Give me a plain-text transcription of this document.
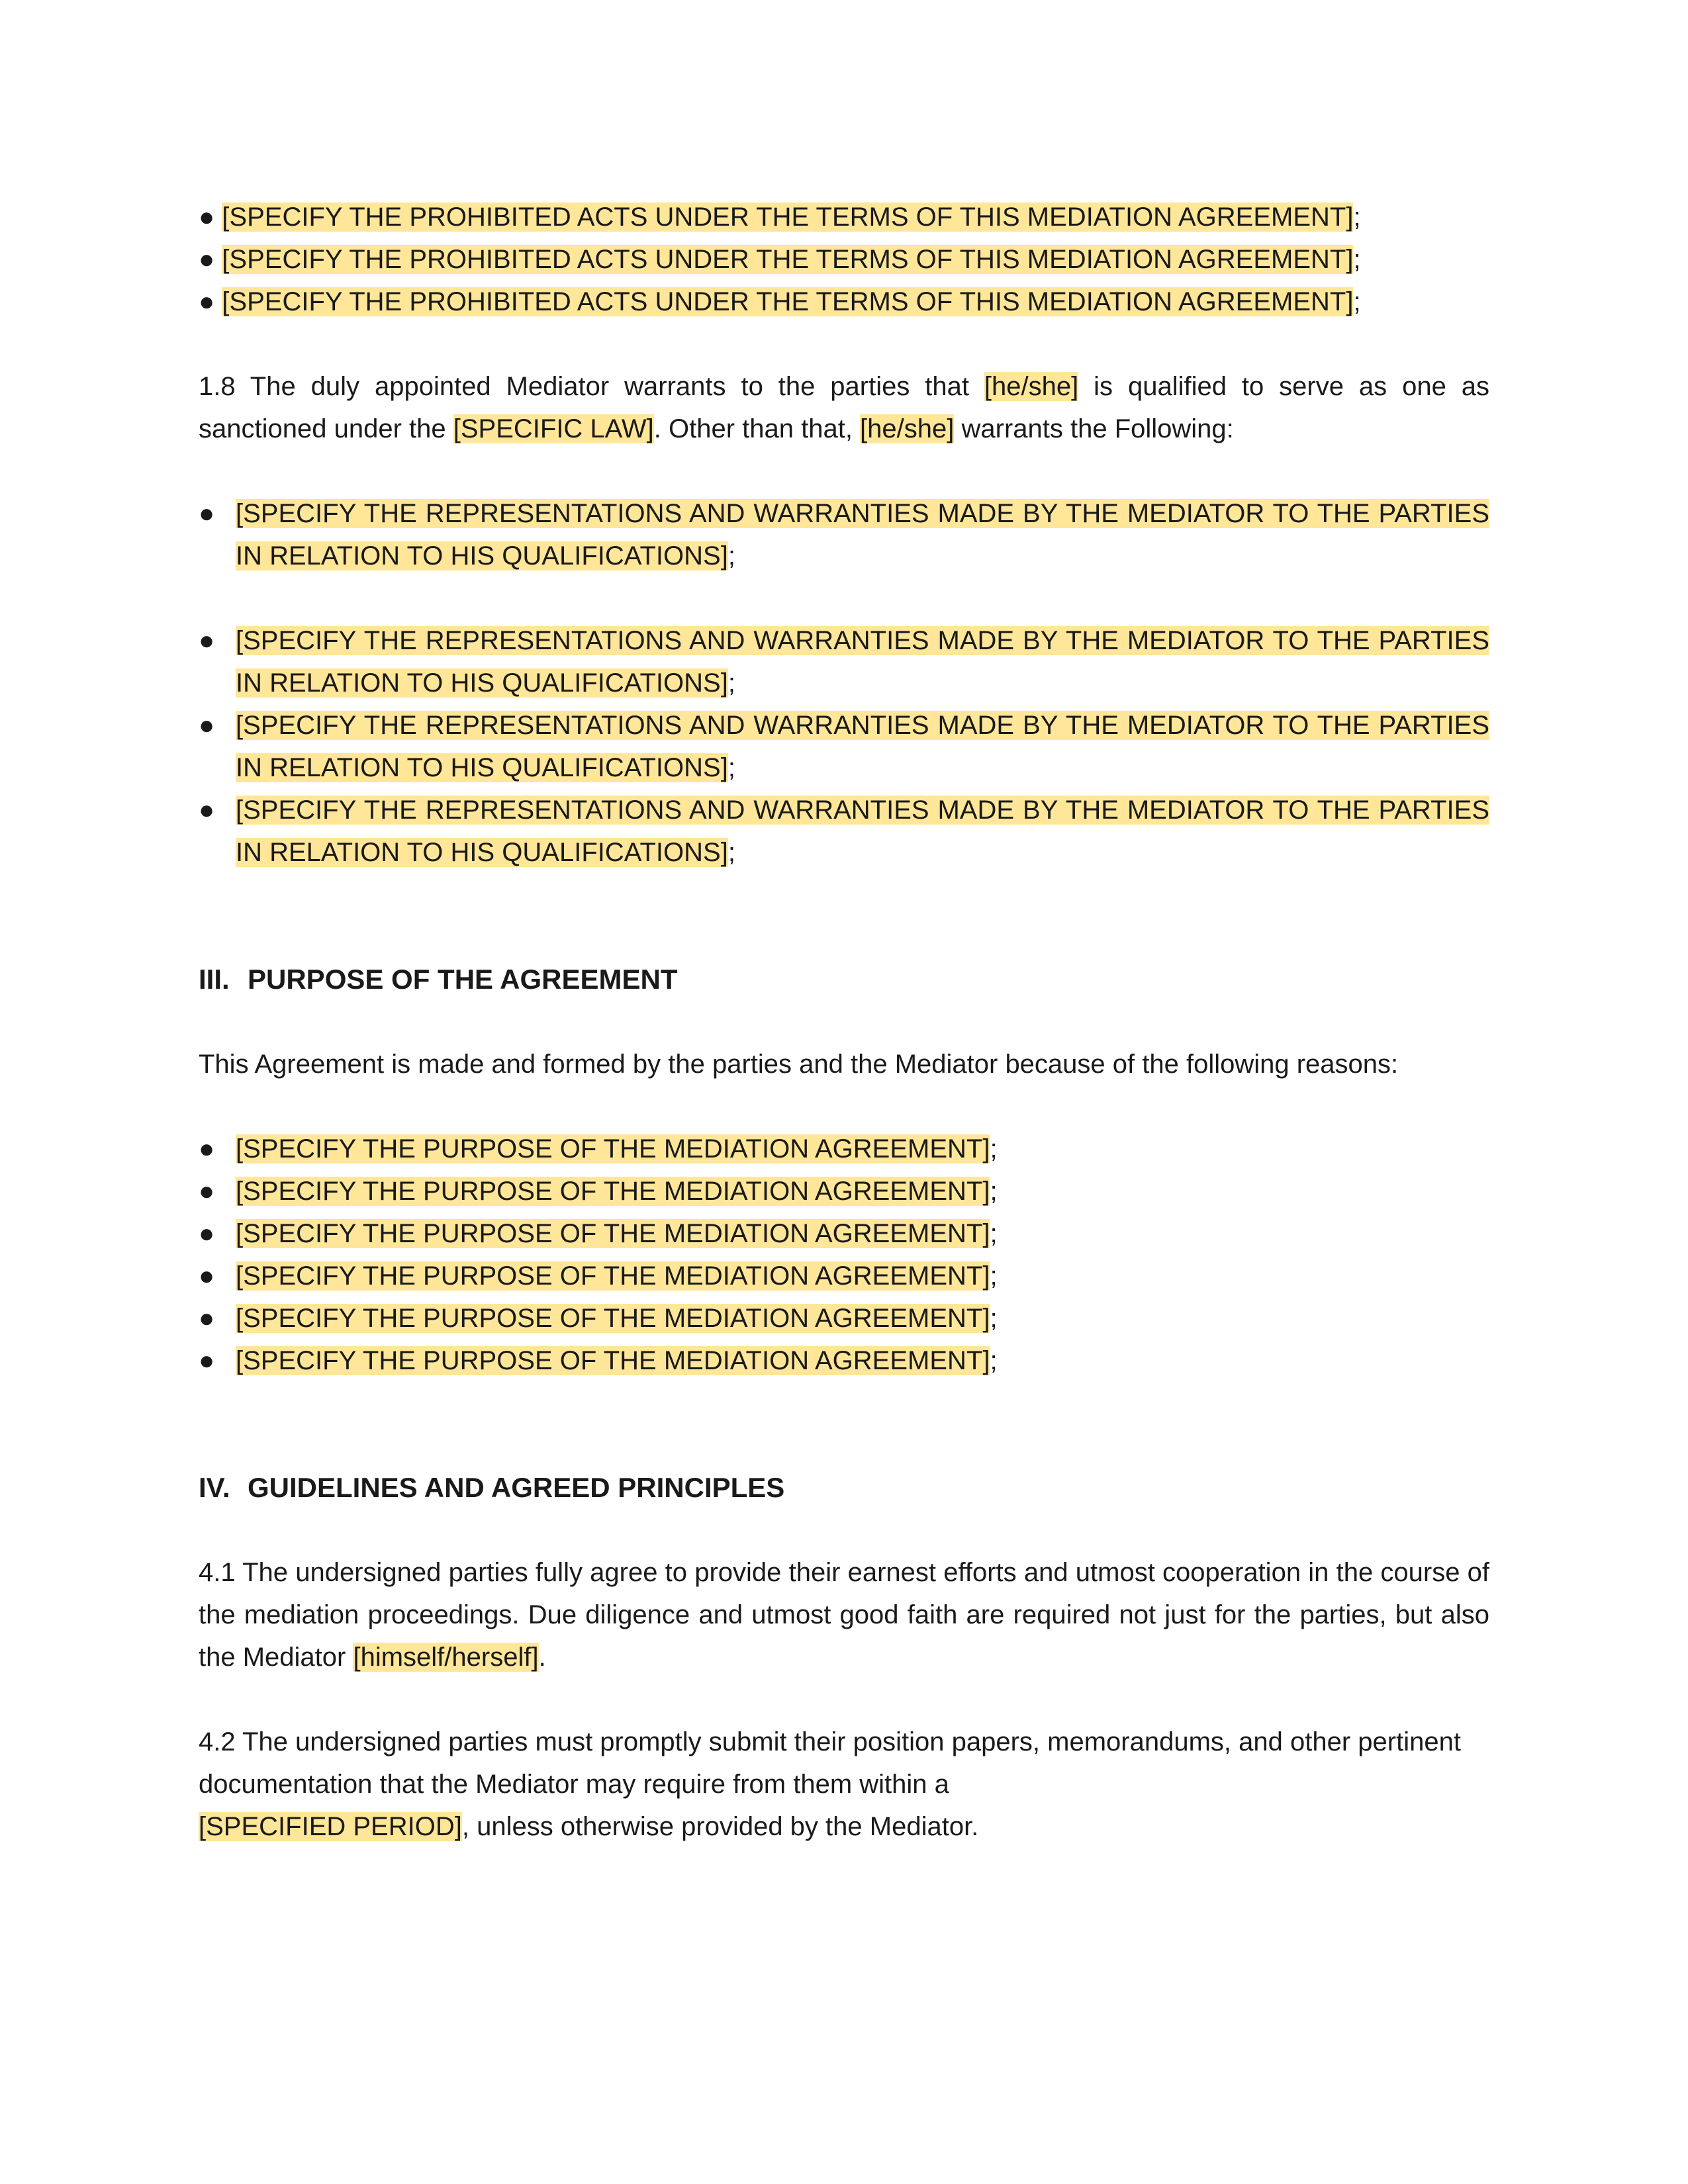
● [SPECIFY THE PROHIBITED ACTS UNDER THE TERMS OF THIS MEDIATION AGREEMENT];
● [SPECIFY THE PROHIBITED ACTS UNDER THE TERMS OF THIS MEDIATION AGREEMENT];
● [SPECIFY THE PROHIBITED ACTS UNDER THE TERMS OF THIS MEDIATION AGREEMENT];

1.8 The duly appointed Mediator warrants to the parties that [he/she] is qualified to serve as one as sanctioned under the [SPECIFIC LAW]. Other than that, [he/she] warrants the Following:

● [SPECIFY THE REPRESENTATIONS AND WARRANTIES MADE BY THE MEDIATOR TO THE PARTIES IN RELATION TO HIS QUALIFICATIONS];
● [SPECIFY THE REPRESENTATIONS AND WARRANTIES MADE BY THE MEDIATOR TO THE PARTIES IN RELATION TO HIS QUALIFICATIONS];
● [SPECIFY THE REPRESENTATIONS AND WARRANTIES MADE BY THE MEDIATOR TO THE PARTIES IN RELATION TO HIS QUALIFICATIONS];
● [SPECIFY THE REPRESENTATIONS AND WARRANTIES MADE BY THE MEDIATOR TO THE PARTIES IN RELATION TO HIS QUALIFICATIONS];
III. PURPOSE OF THE AGREEMENT

This Agreement is made and formed by the parties and the Mediator because of the following reasons:

● [SPECIFY THE PURPOSE OF THE MEDIATION AGREEMENT];
● [SPECIFY THE PURPOSE OF THE MEDIATION AGREEMENT];
● [SPECIFY THE PURPOSE OF THE MEDIATION AGREEMENT];
● [SPECIFY THE PURPOSE OF THE MEDIATION AGREEMENT];
● [SPECIFY THE PURPOSE OF THE MEDIATION AGREEMENT];
● [SPECIFY THE PURPOSE OF THE MEDIATION AGREEMENT];
IV. GUIDELINES AND AGREED PRINCIPLES

4.1 The undersigned parties fully agree to provide their earnest efforts and utmost cooperation in the course of the mediation proceedings. Due diligence and utmost good faith are required not just for the parties, but also the Mediator [himself/herself].

4.2 The undersigned parties must promptly submit their position papers, memorandums, and other pertinent documentation that the Mediator may require from them within a
[SPECIFIED PERIOD], unless otherwise provided by the Mediator.
